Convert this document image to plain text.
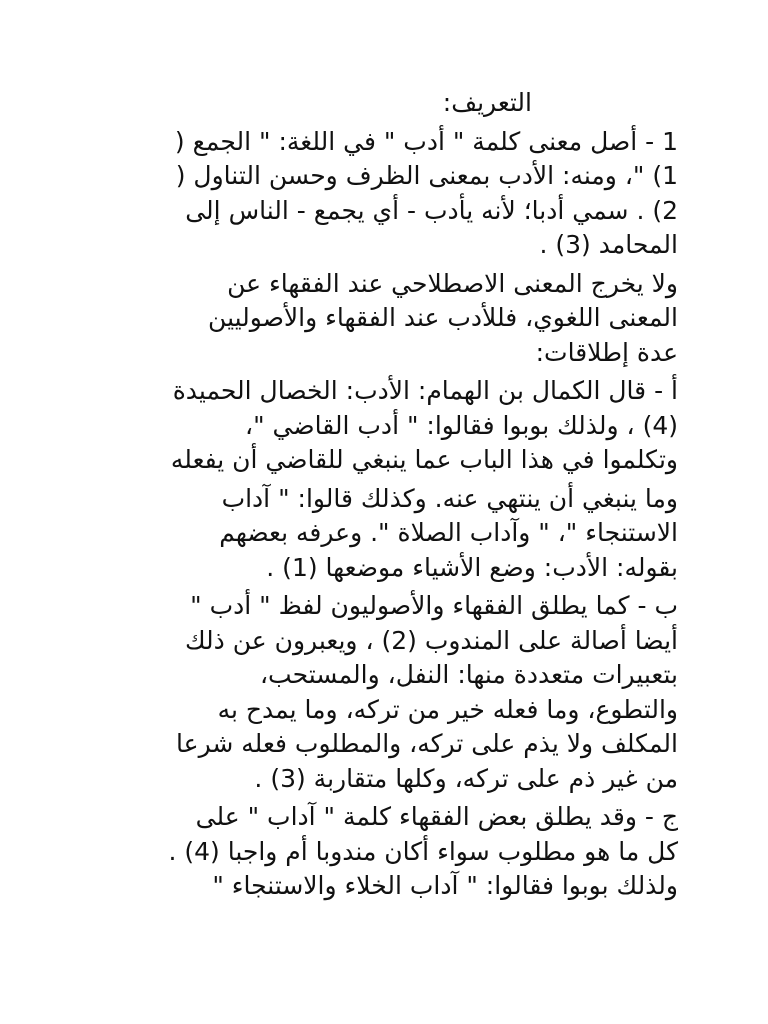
التعريف:

1 - أصل معنى كلمة " أدب " في اللغة: " الجمع (
1) "، ومنه: الأدب بمعنى الظرف وحسن التناول (
2) . سمي أدبا؛ لأنه يأدب - أي يجمع - الناس إلى
المحامد (3) .

ولا يخرج المعنى الاصطلاحي عند الفقهاء عن
المعنى اللغوي، فللأدب عند الفقهاء والأصوليين
عدة إطلاقات:

أ - قال الكمال بن الهمام: الأدب: الخصال الحميدة
(4) ، ولذلك بوبوا فقالوا: " أدب القاضي "،
وتكلموا في هذا الباب عما ينبغي للقاضي أن يفعله

وما ينبغي أن ينتهي عنه. وكذلك قالوا: " آداب
الاستنجاء "، " وآداب الصلاة ". وعرفه بعضهم
بقوله: الأدب: وضع الأشياء موضعها (1) .

ب - كما يطلق الفقهاء والأصوليون لفظ " أدب "
أيضا أصالة على المندوب (2) ، ويعبرون عن ذلك
بتعبيرات متعددة منها: النفل، والمستحب،
والتطوع، وما فعله خير من تركه، وما يمدح به
المكلف ولا يذم على تركه، والمطلوب فعله شرعا
من غير ذم على تركه، وكلها متقاربة (3) .

ج - وقد يطلق بعض الفقهاء كلمة " آداب " على
كل ما هو مطلوب سواء أكان مندوبا أم واجبا (4) .
ولذلك بوبوا فقالوا: " آداب الخلاء والاستنجاء "
